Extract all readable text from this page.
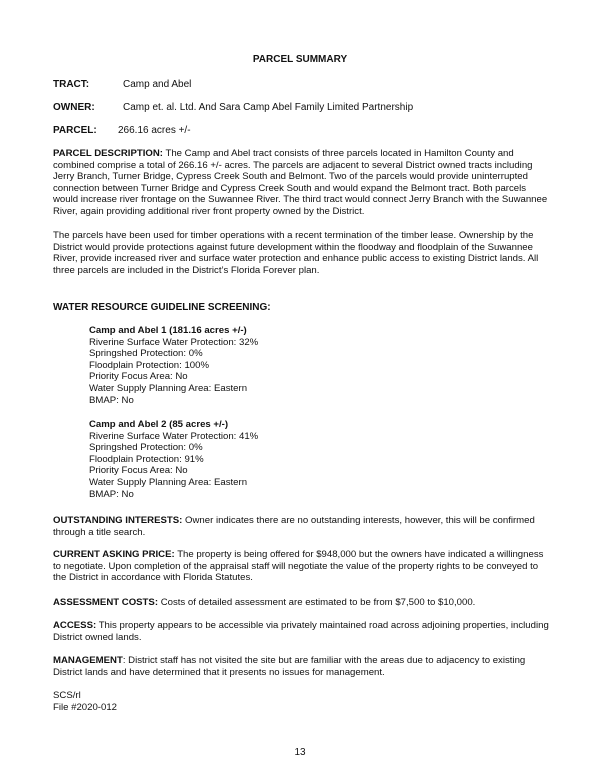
PARCEL SUMMARY
TRACT:	Camp and Abel
OWNER:	Camp et. al. Ltd. And Sara Camp Abel Family Limited Partnership
PARCEL: 266.16 acres +/-
PARCEL DESCRIPTION: The Camp and Abel tract consists of three parcels located in Hamilton County and combined comprise a total of 266.16 +/- acres. The parcels are adjacent to several District owned tracts including Jerry Branch, Turner Bridge, Cypress Creek South and Belmont. Two of the parcels would provide uninterrupted connection between Turner Bridge and Cypress Creek South and would expand the Belmont tract. Both parcels would increase river frontage on the Suwannee River. The third tract would connect Jerry Branch with the Suwannee River, again providing additional river front property owned by the District.
The parcels have been used for timber operations with a recent termination of the timber lease. Ownership by the District would provide protections against future development within the floodway and floodplain of the Suwannee River, provide increased river and surface water protection and enhance public access to existing District lands. All three parcels are included in the District’s Florida Forever plan.
WATER RESOURCE GUIDELINE SCREENING:
Camp and Abel 1 (181.16 acres +/-)
Riverine Surface Water Protection: 32%
Springshed Protection: 0%
Floodplain Protection: 100%
Priority Focus Area: No
Water Supply Planning Area: Eastern
BMAP: No
Camp and Abel 2 (85 acres +/-)
Riverine Surface Water Protection: 41%
Springshed Protection: 0%
Floodplain Protection: 91%
Priority Focus Area: No
Water Supply Planning Area: Eastern
BMAP: No
OUTSTANDING INTERESTS: Owner indicates there are no outstanding interests, however, this will be confirmed through a title search.
CURRENT ASKING PRICE: The property is being offered for $948,000 but the owners have indicated a willingness to negotiate. Upon completion of the appraisal staff will negotiate the value of the property rights to be conveyed to the District in accordance with Florida Statutes.
ASSESSMENT COSTS: Costs of detailed assessment are estimated to be from $7,500 to $10,000.
ACCESS: This property appears to be accessible via privately maintained road across adjoining properties, including District owned lands.
MANAGEMENT: District staff has not visited the site but are familiar with the areas due to adjacency to existing District lands and have determined that it presents no issues for management.
SCS/rl
File #2020-012
13
